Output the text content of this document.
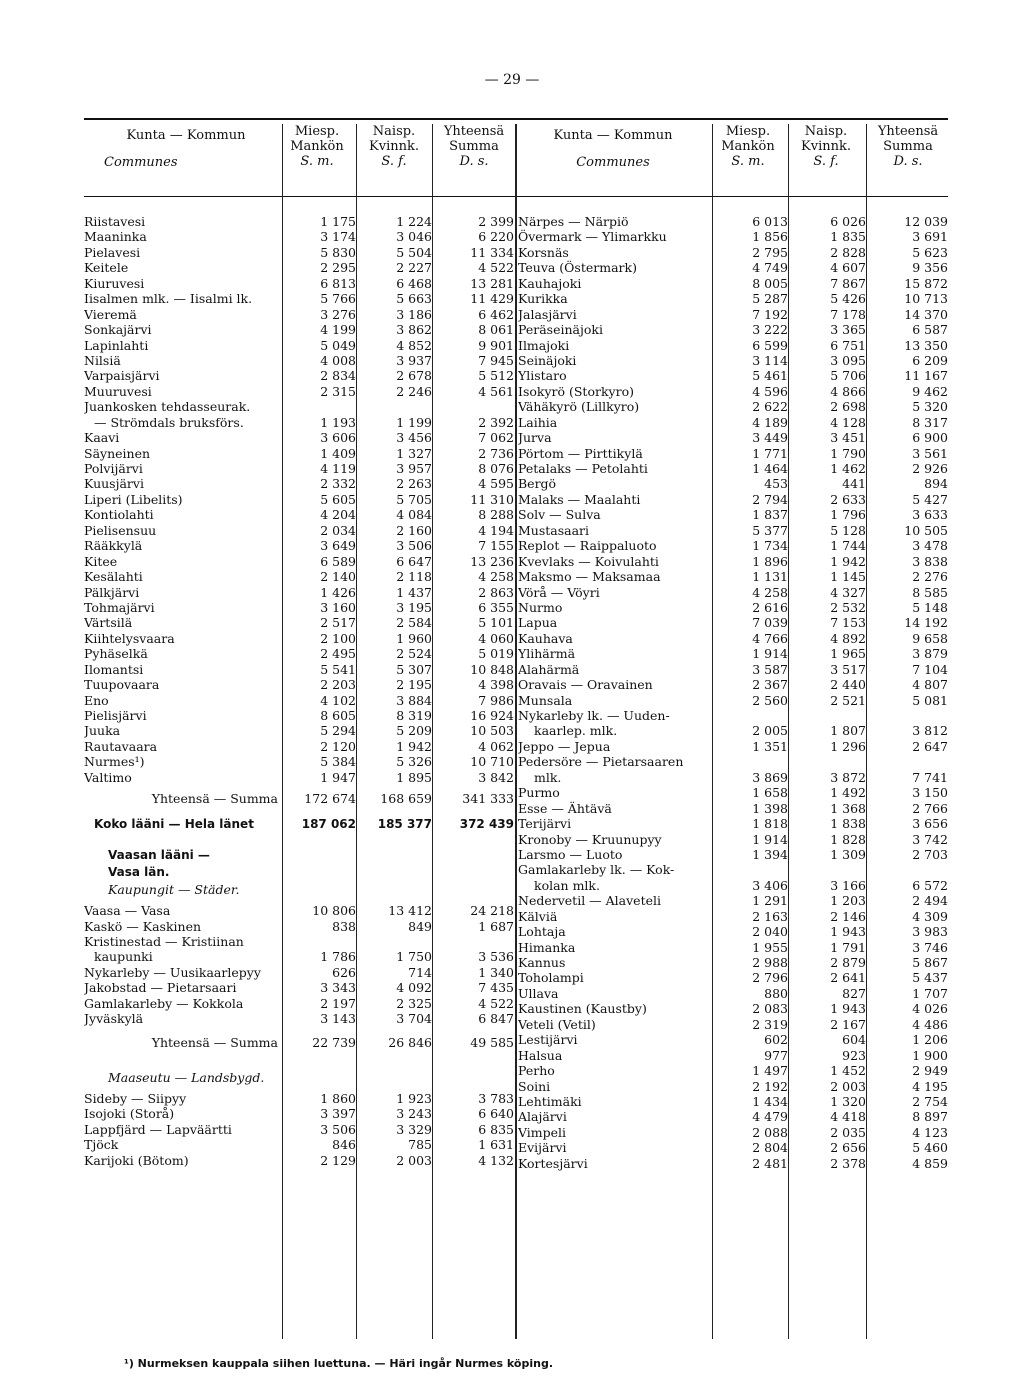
— 29 —
Kunta — Kommun
Communes
Miesp.
Mankön
S. m.
Naisp.
Kvinnk.
S. f.
Yhteensä
Summa
D. s.
Kunta — Kommun
Communes
Miesp.
Mankön
S. m.
Naisp.
Kvinnk.
S. f.
Yhteensä
Summa
D. s.
Riistavesi	1 175	1 224	2 399
Maaninka	3 174	3 046	6 220
Pielavesi	5 830	5 504	11 334
Keitele	2 295	2 227	4 522
Kiuruvesi	6 813	6 468	13 281
Iisalmen mlk. — Iisalmi lk.	5 766	5 663	11 429
Vieremä	3 276	3 186	6 462
Sonkajärvi	4 199	3 862	8 061
Lapinlahti	5 049	4 852	9 901
Nilsiä	4 008	3 937	7 945
Varpaisjärvi	2 834	2 678	5 512
Muuruvesi	2 315	2 246	4 561
Juankosken tehdasseurak.
— Strömdals bruksförs.	1 193	1 199	2 392
Kaavi	3 606	3 456	7 062
Säyneinen	1 409	1 327	2 736
Polvijärvi	4 119	3 957	8 076
Kuusjärvi	2 332	2 263	4 595
Liperi (Libelits)	5 605	5 705	11 310
Kontiolahti	4 204	4 084	8 288
Pielisensuu	2 034	2 160	4 194
Rääkkylä	3 649	3 506	7 155
Kitee	6 589	6 647	13 236
Kesälahti	2 140	2 118	4 258
Pälkjärvi	1 426	1 437	2 863
Tohmajärvi	3 160	3 195	6 355
Värtsilä	2 517	2 584	5 101
Kiihtelysvaara	2 100	1 960	4 060
Pyhäselkä	2 495	2 524	5 019
Ilomantsi	5 541	5 307	10 848
Tuupovaara	2 203	2 195	4 398
Eno	4 102	3 884	7 986
Pielisjärvi	8 605	8 319	16 924
Juuka	5 294	5 209	10 503
Rautavaara	2 120	1 942	4 062
Nurmes¹)	5 384	5 326	10 710
Valtimo	1 947	1 895	3 842
Yhteensä — Summa	172 674	168 659	341 333
Koko lääni — Hela länet	187 062	185 377	372 439
Vaasan lääni —
Vasa län.
Kaupungit — Städer.
Vaasa — Vasa	10 806	13 412	24 218
Kaskö — Kaskinen	838	849	1 687
Kristinestad — Kristiinan
kaupunki	1 786	1 750	3 536
Nykarleby — Uusikaarlepyy	626	714	1 340
Jakobstad — Pietarsaari	3 343	4 092	7 435
Gamlakarleby — Kokkola	2 197	2 325	4 522
Jyväskylä	3 143	3 704	6 847
Yhteensä — Summa	22 739	26 846	49 585
Maaseutu — Landsbygd.
Sideby — Siipyy	1 860	1 923	3 783
Isojoki (Storå)	3 397	3 243	6 640
Lappfjärd — Lapväärtti	3 506	3 329	6 835
Tjöck	846	785	1 631
Karijoki (Bötom)	2 129	2 003	4 132
Närpes — Närpiö	6 013	6 026	12 039
Övermark — Ylimarkku	1 856	1 835	3 691
Korsnäs	2 795	2 828	5 623
Teuva (Östermark)	4 749	4 607	9 356
Kauhajoki	8 005	7 867	15 872
Kurikka	5 287	5 426	10 713
Jalasjärvi	7 192	7 178	14 370
Peräseinäjoki	3 222	3 365	6 587
Ilmajoki	6 599	6 751	13 350
Seinäjoki	3 114	3 095	6 209
Ylistaro	5 461	5 706	11 167
Isokyrö (Storkyro)	4 596	4 866	9 462
Vähäkyrö (Lillkyro)	2 622	2 698	5 320
Laihia	4 189	4 128	8 317
Jurva	3 449	3 451	6 900
Pörtom — Pirttikylä	1 771	1 790	3 561
Petalaks — Petolahti	1 464	1 462	2 926
Bergö	453	441	894
Malaks — Maalahti	2 794	2 633	5 427
Solv — Sulva	1 837	1 796	3 633
Mustasaari	5 377	5 128	10 505
Replot — Raippaluoto	1 734	1 744	3 478
Kvevlaks — Koivulahti	1 896	1 942	3 838
Maksmo — Maksamaa	1 131	1 145	2 276
Vörå — Vöyri	4 258	4 327	8 585
Nurmo	2 616	2 532	5 148
Lapua	7 039	7 153	14 192
Kauhava	4 766	4 892	9 658
Ylihärmä	1 914	1 965	3 879
Alahärmä	3 587	3 517	7 104
Oravais — Oravainen	2 367	2 440	4 807
Munsala	2 560	2 521	5 081
Nykarleby lk. — Uuden-
kaarlep. mlk.	2 005	1 807	3 812
Jeppo — Jepua	1 351	1 296	2 647
Pedersöre — Pietarsaaren
mlk.	3 869	3 872	7 741
Purmo	1 658	1 492	3 150
Esse — Ähtävä	1 398	1 368	2 766
Terijärvi	1 818	1 838	3 656
Kronoby — Kruunupyy	1 914	1 828	3 742
Larsmo — Luoto	1 394	1 309	2 703
Gamlakarleby lk. — Kok-
kolan mlk.	3 406	3 166	6 572
Nedervetil — Alaveteli	1 291	1 203	2 494
Kälviä	2 163	2 146	4 309
Lohtaja	2 040	1 943	3 983
Himanka	1 955	1 791	3 746
Kannus	2 988	2 879	5 867
Toholampi	2 796	2 641	5 437
Ullava	880	827	1 707
Kaustinen (Kaustby)	2 083	1 943	4 026
Veteli (Vetil)	2 319	2 167	4 486
Lestijärvi	602	604	1 206
Halsua	977	923	1 900
Perho	1 497	1 452	2 949
Soini	2 192	2 003	4 195
Lehtimäki	1 434	1 320	2 754
Alajärvi	4 479	4 418	8 897
Vimpeli	2 088	2 035	4 123
Evijärvi	2 804	2 656	5 460
Kortesjärvi	2 481	2 378	4 859
¹) Nurmeksen kauppala siihen luettuna. — Häri ingår Nurmes köping.
